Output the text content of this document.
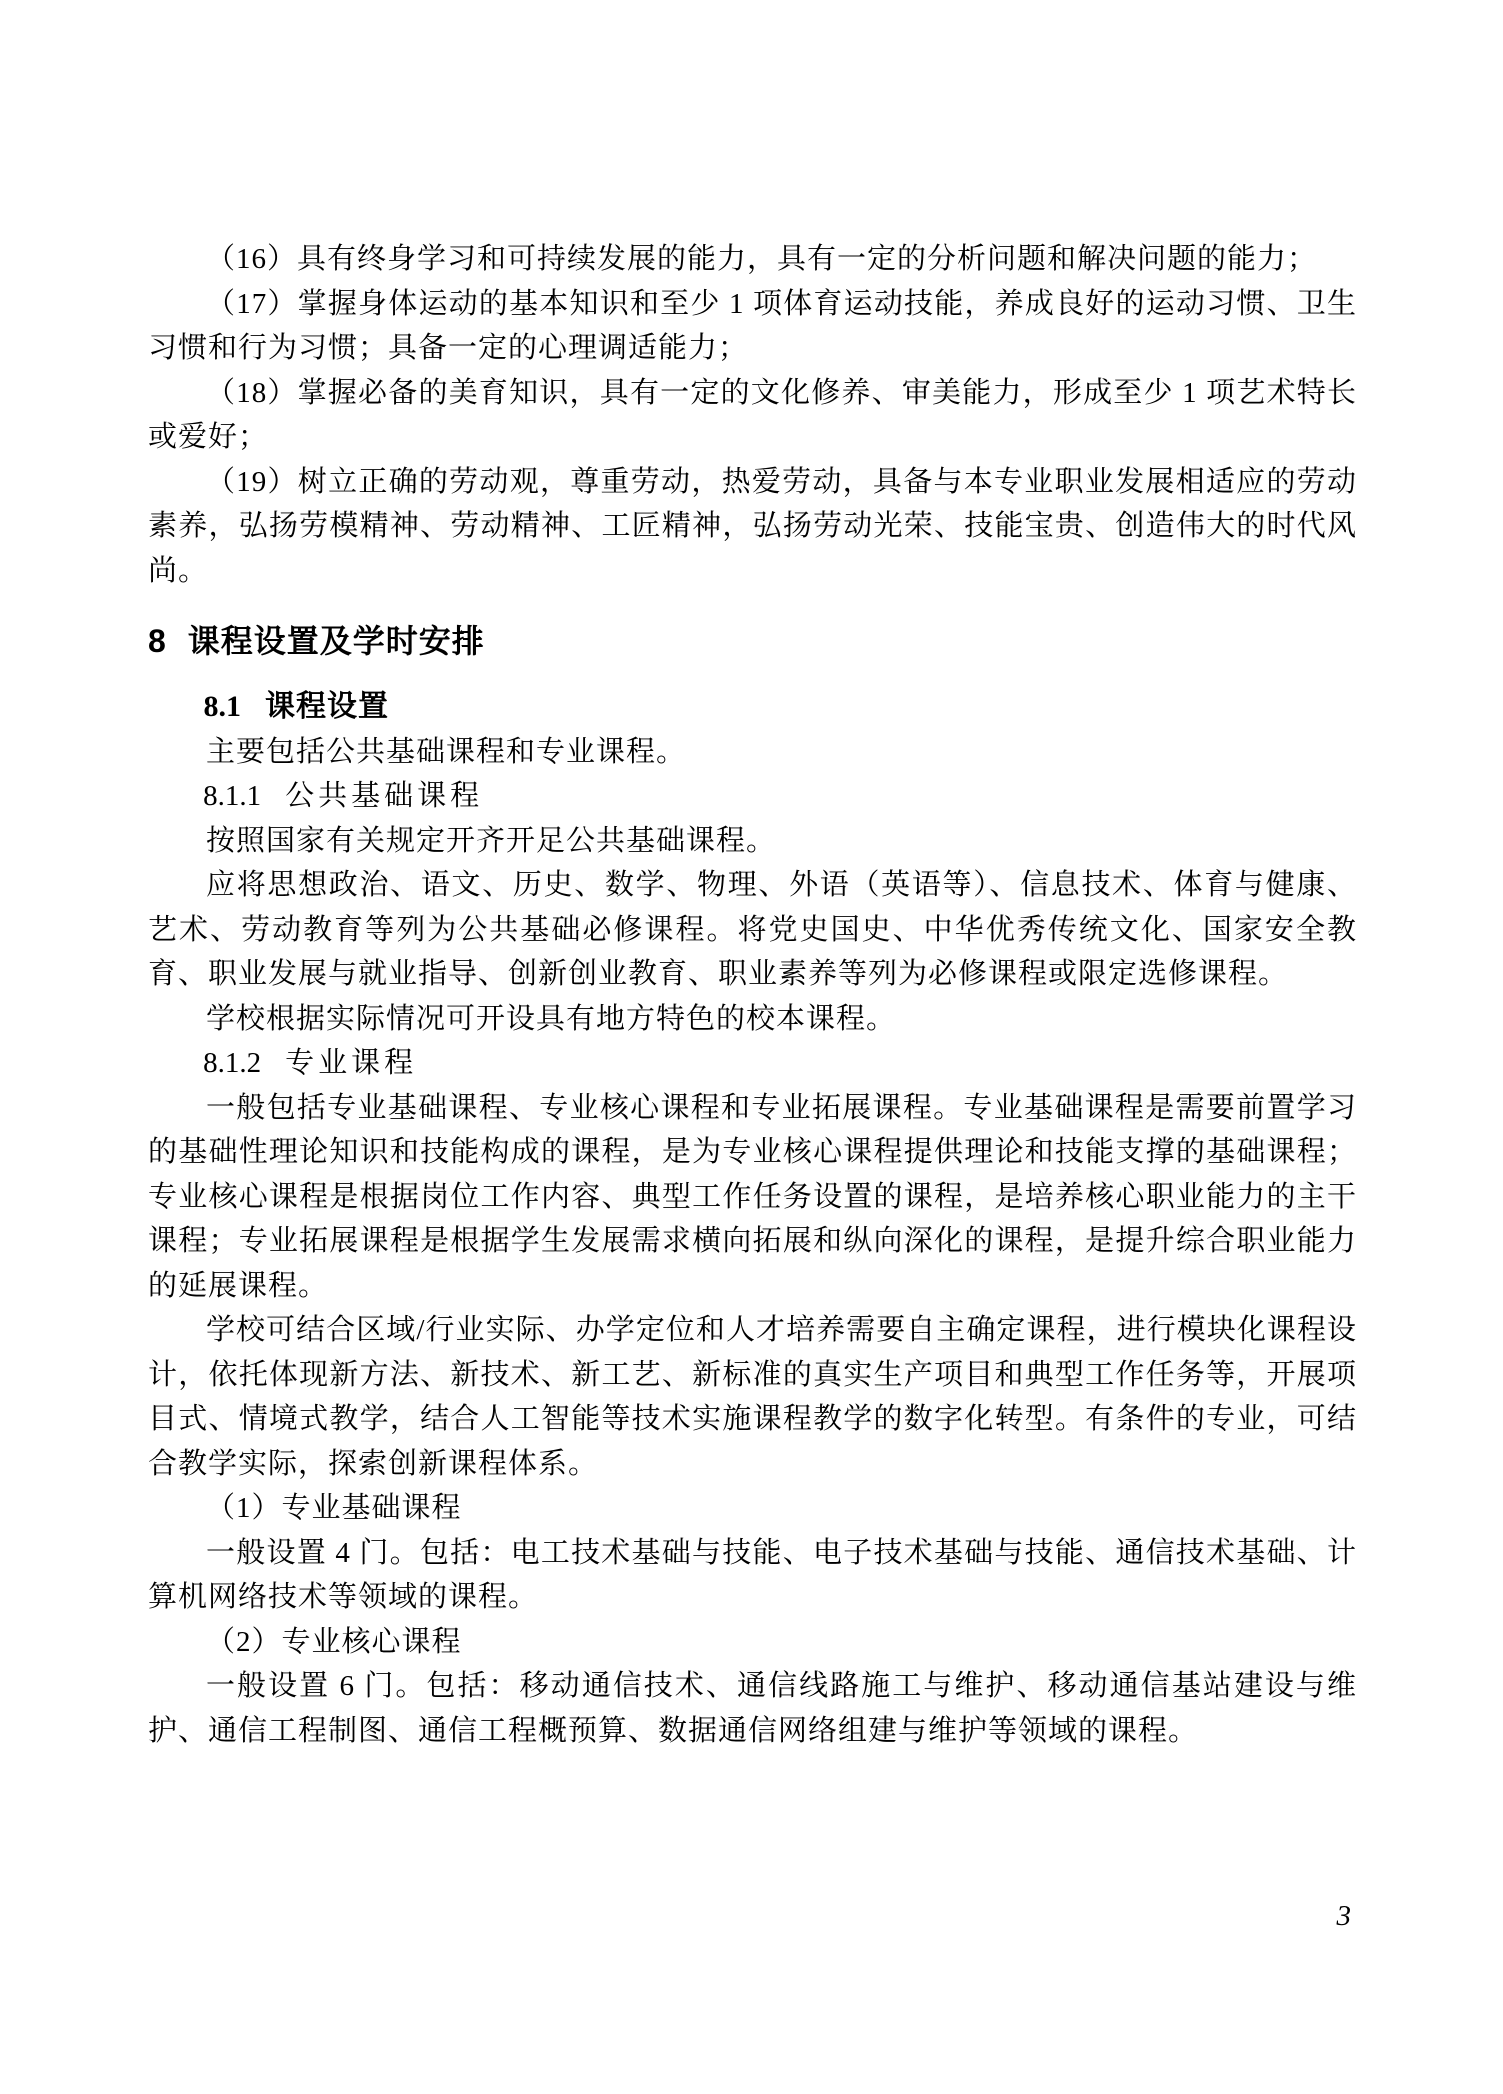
（16）具有终身学习和可持续发展的能力，具有一定的分析问题和解决问题的能力；

（17）掌握身体运动的基本知识和至少 1 项体育运动技能，养成良好的运动习惯、卫生习惯和行为习惯；具备一定的心理调适能力；

（18）掌握必备的美育知识，具有一定的文化修养、审美能力，形成至少 1 项艺术特长或爱好；

（19）树立正确的劳动观，尊重劳动，热爱劳动，具备与本专业职业发展相适应的劳动素养，弘扬劳模精神、劳动精神、工匠精神，弘扬劳动光荣、技能宝贵、创造伟大的时代风尚。

8 课程设置及学时安排
8.1 课程设置

主要包括公共基础课程和专业课程。

8.1.1 公共基础课程

按照国家有关规定开齐开足公共基础课程。

应将思想政治、语文、历史、数学、物理、外语（英语等）、信息技术、体育与健康、艺术、劳动教育等列为公共基础必修课程。将党史国史、中华优秀传统文化、国家安全教育、职业发展与就业指导、创新创业教育、职业素养等列为必修课程或限定选修课程。

学校根据实际情况可开设具有地方特色的校本课程。

8.1.2 专业课程

一般包括专业基础课程、专业核心课程和专业拓展课程。专业基础课程是需要前置学习的基础性理论知识和技能构成的课程，是为专业核心课程提供理论和技能支撑的基础课程；专业核心课程是根据岗位工作内容、典型工作任务设置的课程，是培养核心职业能力的主干课程；专业拓展课程是根据学生发展需求横向拓展和纵向深化的课程，是提升综合职业能力的延展课程。

学校可结合区域/行业实际、办学定位和人才培养需要自主确定课程，进行模块化课程设计，依托体现新方法、新技术、新工艺、新标准的真实生产项目和典型工作任务等，开展项目式、情境式教学，结合人工智能等技术实施课程教学的数字化转型。有条件的专业，可结合教学实际，探索创新课程体系。

（1）专业基础课程

一般设置 4 门。包括：电工技术基础与技能、电子技术基础与技能、通信技术基础、计算机网络技术等领域的课程。

（2）专业核心课程

一般设置 6 门。包括：移动通信技术、通信线路施工与维护、移动通信基站建设与维护、通信工程制图、通信工程概预算、数据通信网络组建与维护等领域的课程。

3
